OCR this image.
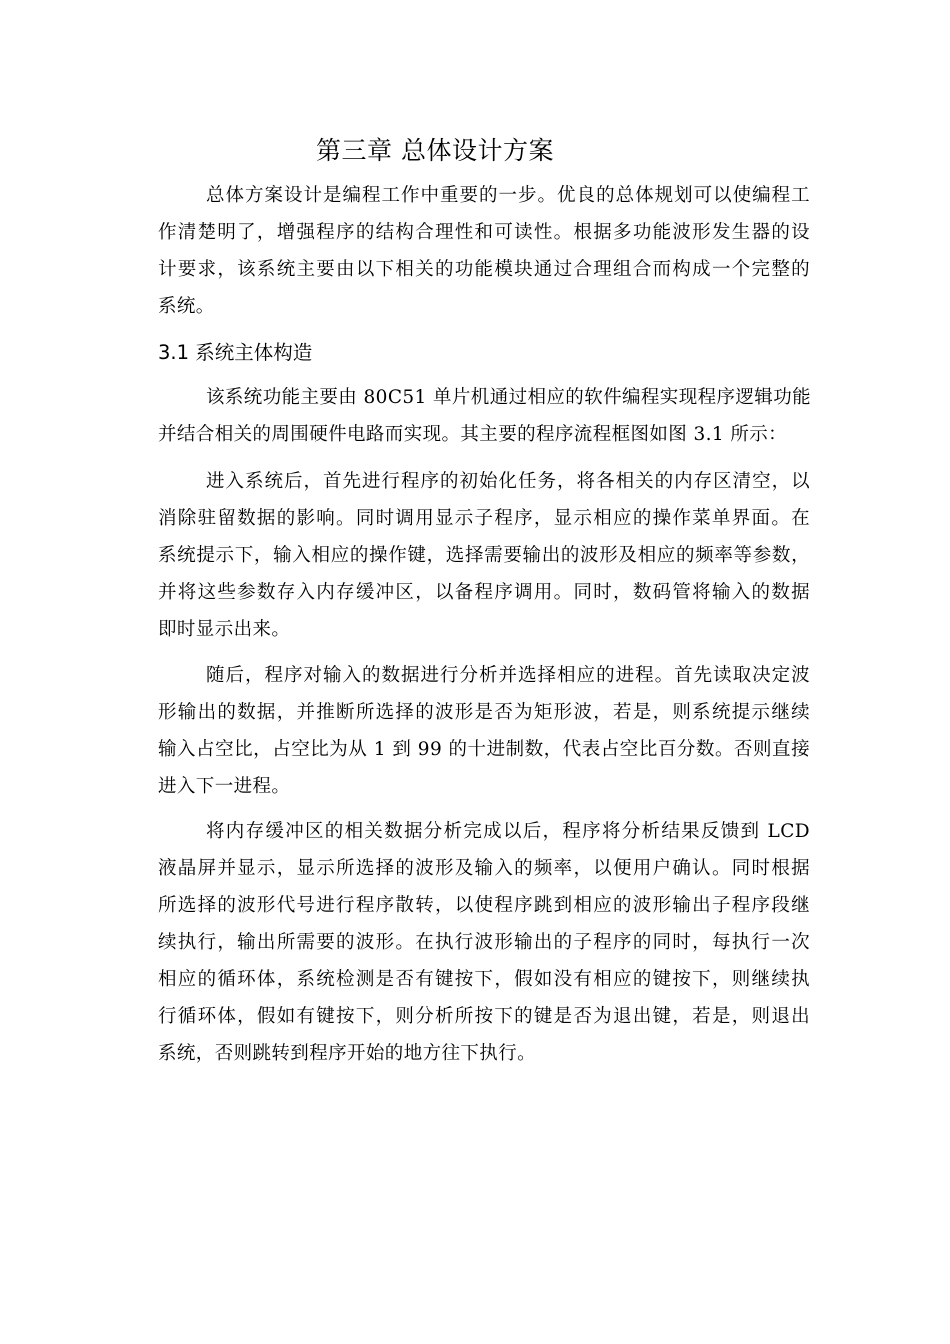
第三章 总体设计方案
总体方案设计是编程工作中重要的一步。优良的总体规划可以使编程工
作清楚明了，增强程序的结构合理性和可读性。根据多功能波形发生器的设
计要求，该系统主要由以下相关的功能模块通过合理组合而构成一个完整的
系统。
3.1 系统主体构造
该系统功能主要由 80C51 单片机通过相应的软件编程实现程序逻辑功能
并结合相关的周围硬件电路而实现。其主要的程序流程框图如图 3.1 所示：
进入系统后，首先进行程序的初始化任务，将各相关的内存区清空，以
消除驻留数据的影响。同时调用显示子程序，显示相应的操作菜单界面。在
系统提示下，输入相应的操作键，选择需要输出的波形及相应的频率等参数，
并将这些参数存入内存缓冲区，以备程序调用。同时，数码管将输入的数据
即时显示出来。
随后，程序对输入的数据进行分析并选择相应的进程。首先读取决定波
形输出的数据，并推断所选择的波形是否为矩形波，若是，则系统提示继续
输入占空比，占空比为从 1 到 99 的十进制数，代表占空比百分数。否则直接
进入下一进程。
将内存缓冲区的相关数据分析完成以后，程序将分析结果反馈到 LCD
液晶屏并显示，显示所选择的波形及输入的频率，以便用户确认。同时根据
所选择的波形代号进行程序散转，以使程序跳到相应的波形输出子程序段继
续执行，输出所需要的波形。在执行波形输出的子程序的同时，每执行一次
相应的循环体，系统检测是否有键按下，假如没有相应的键按下，则继续执
行循环体，假如有键按下，则分析所按下的键是否为退出键，若是，则退出
系统，否则跳转到程序开始的地方往下执行。
